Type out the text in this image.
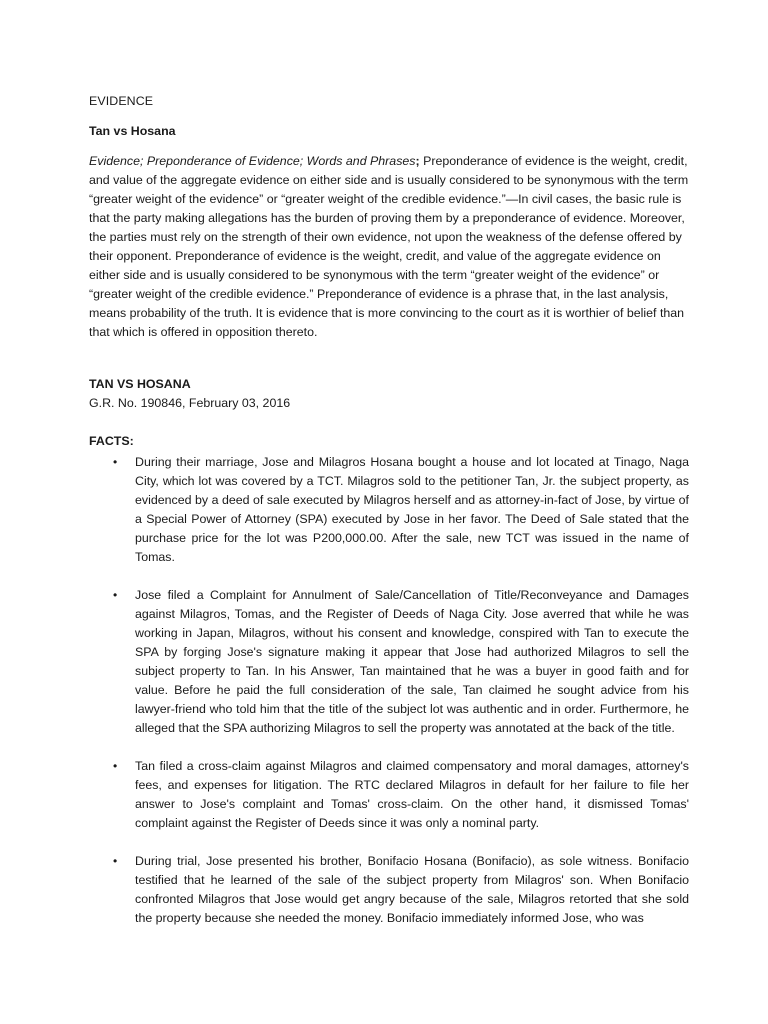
EVIDENCE

Tan vs Hosana

Evidence; Preponderance of Evidence; Words and Phrases; Preponderance of evidence is the weight, credit, and value of the aggregate evidence on either side and is usually considered to be synonymous with the term “greater weight of the evidence” or “greater weight of the credible evidence.”—In civil cases, the basic rule is that the party making allegations has the burden of proving them by a preponderance of evidence. Moreover, the parties must rely on the strength of their own evidence, not upon the weakness of the defense offered by their opponent. Preponderance of evidence is the weight, credit, and value of the aggregate evidence on either side and is usually considered to be synonymous with the term “greater weight of the evidence” or “greater weight of the credible evidence.” Preponderance of evidence is a phrase that, in the last analysis, means probability of the truth. It is evidence that is more convincing to the court as it is worthier of belief than that which is offered in opposition thereto.

TAN VS HOSANA

G.R. No. 190846, February 03, 2016

FACTS:

• During their marriage, Jose and Milagros Hosana bought a house and lot located at Tinago, Naga City, which lot was covered by a TCT. Milagros sold to the petitioner Tan, Jr. the subject property, as evidenced by a deed of sale executed by Milagros herself and as attorney-in-fact of Jose, by virtue of a Special Power of Attorney (SPA) executed by Jose in her favor. The Deed of Sale stated that the purchase price for the lot was P200,000.00. After the sale, new TCT was issued in the name of Tomas.
• Jose filed a Complaint for Annulment of Sale/Cancellation of Title/Reconveyance and Damages against Milagros, Tomas, and the Register of Deeds of Naga City. Jose averred that while he was working in Japan, Milagros, without his consent and knowledge, conspired with Tan to execute the SPA by forging Jose's signature making it appear that Jose had authorized Milagros to sell the subject property to Tan. In his Answer, Tan maintained that he was a buyer in good faith and for value. Before he paid the full consideration of the sale, Tan claimed he sought advice from his lawyer-friend who told him that the title of the subject lot was authentic and in order. Furthermore, he alleged that the SPA authorizing Milagros to sell the property was annotated at the back of the title.
• Tan filed a cross-claim against Milagros and claimed compensatory and moral damages, attorney's fees, and expenses for litigation. The RTC declared Milagros in default for her failure to file her answer to Jose's complaint and Tomas' cross-claim. On the other hand, it dismissed Tomas' complaint against the Register of Deeds since it was only a nominal party.
• During trial, Jose presented his brother, Bonifacio Hosana (Bonifacio), as sole witness. Bonifacio testified that he learned of the sale of the subject property from Milagros' son. When Bonifacio confronted Milagros that Jose would get angry because of the sale, Milagros retorted that she sold the property because she needed the money. Bonifacio immediately informed Jose, who was
